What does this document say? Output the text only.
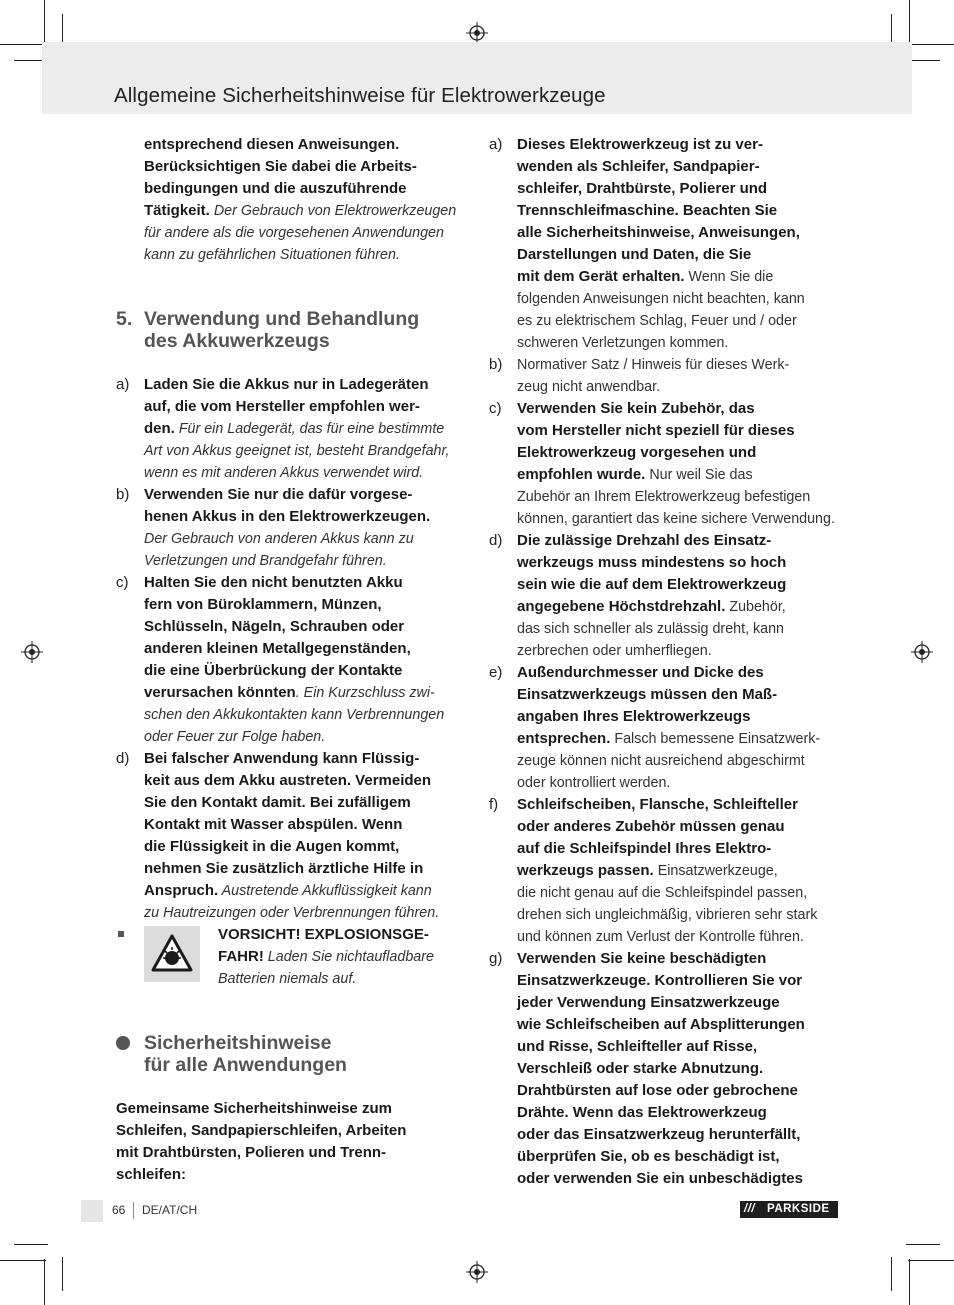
Allgemeine Sicherheitshinweise für Elektrowerkzeuge
entsprechend diesen Anweisungen.
Berücksichtigen Sie dabei die Arbeits-
bedingungen und die auszuführende
Tätigkeit. Der Gebrauch von Elektrowerkzeugen
für andere als die vorgesehenen Anwendungen
kann zu gefährlichen Situationen führen.
5. Verwendung und Behandlung
des Akkuwerkzeugs
a) Laden Sie die Akkus nur in Ladegeräten
auf, die vom Hersteller empfohlen wer-
den. Für ein Ladegerät, das für eine bestimmte
Art von Akkus geeignet ist, besteht Brandgefahr,
wenn es mit anderen Akkus verwendet wird.
b) Verwenden Sie nur die dafür vorgese-
henen Akkus in den Elektrowerkzeugen.
Der Gebrauch von anderen Akkus kann zu
Verletzungen und Brandgefahr führen.
c) Halten Sie den nicht benutzten Akku
fern von Büroklammern, Münzen,
Schlüsseln, Nägeln, Schrauben oder
anderen kleinen Metallgegenständen,
die eine Überbrückung der Kontakte
verursachen könnten. Ein Kurzschluss zwi-
schen den Akkukontakten kann Verbrennungen
oder Feuer zur Folge haben.
d) Bei falscher Anwendung kann Flüssig-
keit aus dem Akku austreten. Vermeiden
Sie den Kontakt damit. Bei zufälligem
Kontakt mit Wasser abspülen. Wenn
die Flüssigkeit in die Augen kommt,
nehmen Sie zusätzlich ärztliche Hilfe in
Anspruch. Austretende Akkuflüssigkeit kann
zu Hautreizungen oder Verbrennungen führen.
VORSICHT! EXPLOSIONSGE-
FAHR! Laden Sie nichtaufladbare
Batterien niemals auf.
Sicherheitshinweise
für alle Anwendungen
Gemeinsame Sicherheitshinweise zum
Schleifen, Sandpapierschleifen, Arbeiten
mit Drahtbürsten, Polieren und Trenn-
schleifen:
a) Dieses Elektrowerkzeug ist zu ver-
wenden als Schleifer, Sandpapier-
schleifer, Drahtbürste, Polierer und
Trennschleifmaschine. Beachten Sie
alle Sicherheitshinweise, Anweisungen,
Darstellungen und Daten, die Sie
mit dem Gerät erhalten. Wenn Sie die
folgenden Anweisungen nicht beachten, kann
es zu elektrischem Schlag, Feuer und / oder
schweren Verletzungen kommen.
b) Normativer Satz / Hinweis für dieses Werk-
zeug nicht anwendbar.
c) Verwenden Sie kein Zubehör, das
vom Hersteller nicht speziell für dieses
Elektrowerkzeug vorgesehen und
empfohlen wurde. Nur weil Sie das
Zubehör an Ihrem Elektrowerkzeug befestigen
können, garantiert das keine sichere Verwendung.
d) Die zulässige Drehzahl des Einsatz-
werkzeugs muss mindestens so hoch
sein wie die auf dem Elektrowerkzeug
angegebene Höchstdrehzahl. Zubehör,
das sich schneller als zulässig dreht, kann
zerbrechen oder umherfliegen.
e) Außendurchmesser und Dicke des
Einsatzwerkzeugs müssen den Maß-
angaben Ihres Elektrowerkzeugs
entsprechen. Falsch bemessene Einsatzwerk-
zeuge können nicht ausreichend abgeschirmt
oder kontrolliert werden.
f) Schleifscheiben, Flansche, Schleifteller
oder anderes Zubehör müssen genau
auf die Schleifspindel Ihres Elektro-
werkzeugs passen. Einsatzwerkzeuge,
die nicht genau auf die Schleifspindel passen,
drehen sich ungleichmäßig, vibrieren sehr stark
und können zum Verlust der Kontrolle führen.
g) Verwenden Sie keine beschädigten
Einsatzwerkzeuge. Kontrollieren Sie vor
jeder Verwendung Einsatzwerkzeuge
wie Schleifscheiben auf Absplitterungen
und Risse, Schleifteller auf Risse,
Verschleiß oder starke Abnutzung.
Drahtbürsten auf lose oder gebrochene
Drähte. Wenn das Elektrowerkzeug
oder das Einsatzwerkzeug herunterfällt,
überprüfen Sie, ob es beschädigt ist,
oder verwenden Sie ein unbeschädigtes
66 DE/AT/CH	/// PARKSIDE
